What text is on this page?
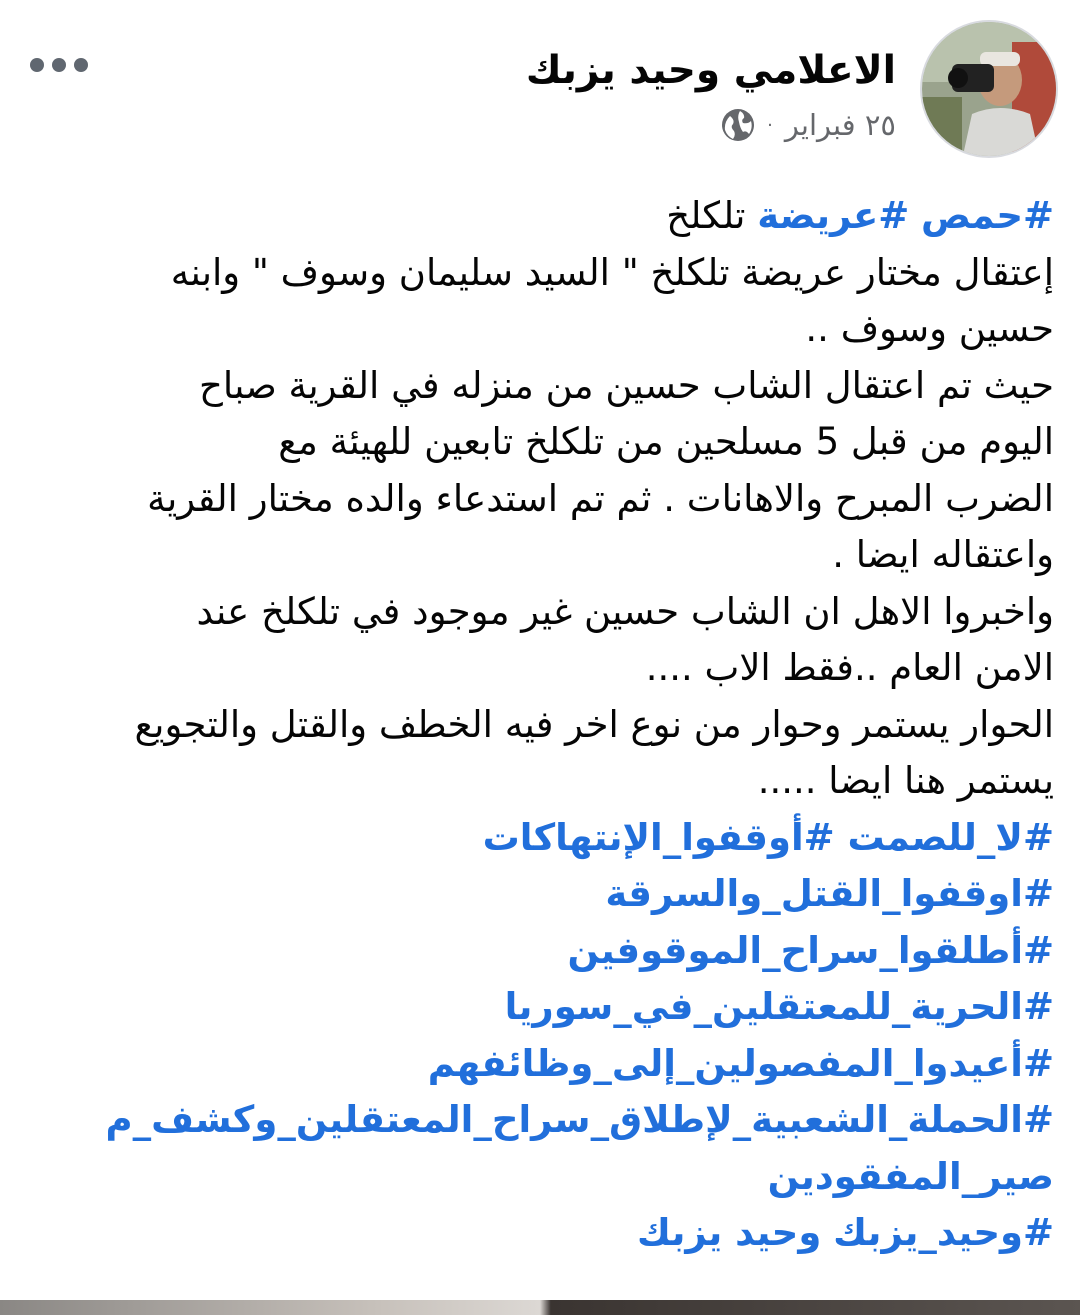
الاعلامي وحيد يزبك
٢٥ فبراير
·
#حمص #عريضة تلكلخ
إعتقال مختار عريضة تلكلخ " السيد سليمان وسوف " وابنه
حسين وسوف ..
حيث تم اعتقال الشاب حسين من منزله في القرية صباح
اليوم من قبل 5 مسلحين من تلكلخ تابعين للهيئة مع
الضرب المبرح والاهانات . ثم تم استدعاء والده مختار القرية
واعتقاله ايضا .
واخبروا الاهل ان الشاب حسين غير موجود في تلكلخ عند
الامن العام ..فقط الاب ....
الحوار يستمر وحوار من نوع اخر فيه الخطف والقتل والتجويع
يستمر هنا ايضا .....
#لا_للصمت #أوقفوا_الإنتهاكات
#اوقفوا_القتل_والسرقة
#أطلقوا_سراح_الموقوفين
#الحرية_للمعتقلين_في_سوريا
#أعيدوا_المفصولين_إلى_وظائفهم
#الحملة_الشعبية_لإطلاق_سراح_المعتقلين_وكشف_م
صير_المفقودين
#وحيد_يزبك وحيد يزبك
